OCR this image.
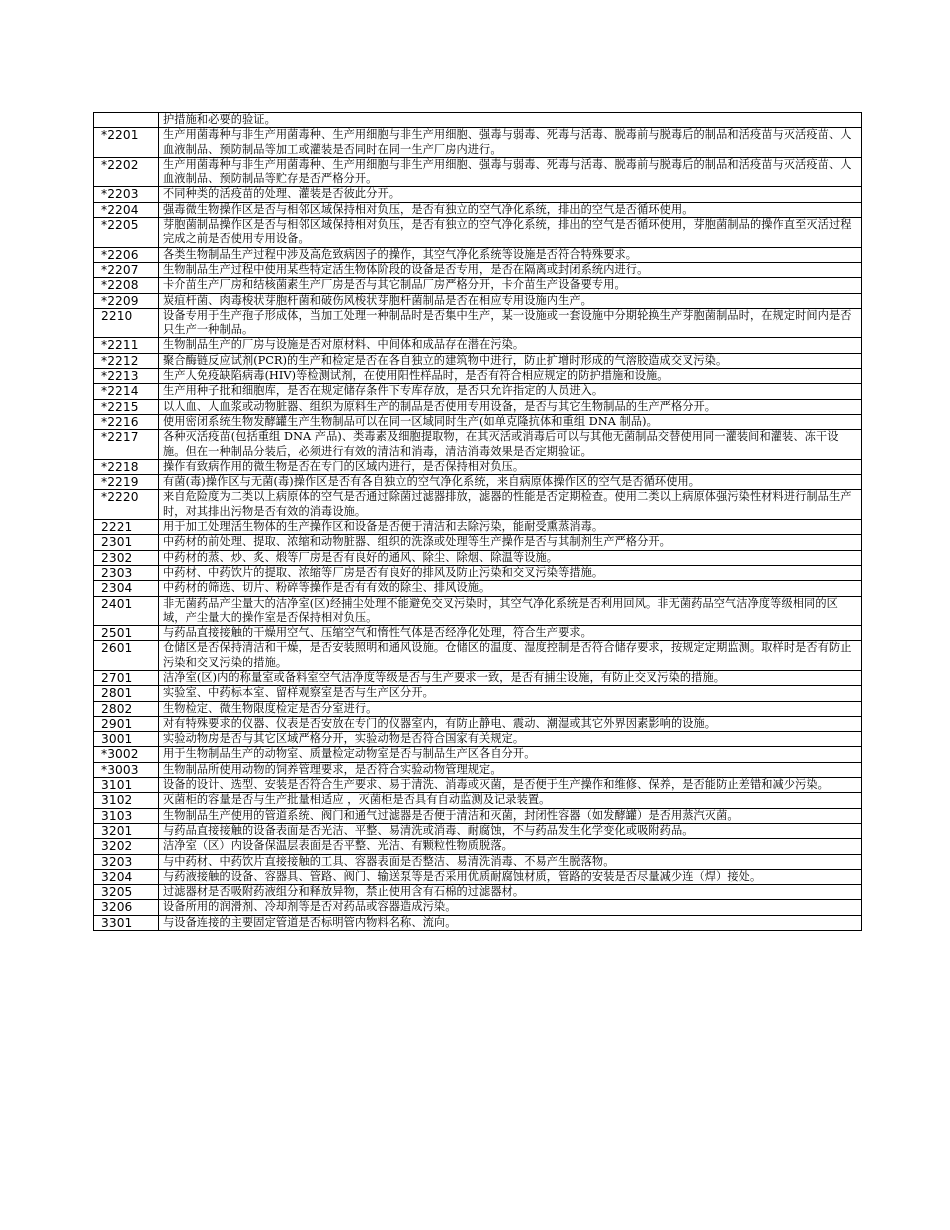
	护措施和必要的验证。
*2201	生产用菌毒种与非生产用菌毒种、生产用细胞与非生产用细胞、强毒与弱毒、死毒与活毒、脱毒前与脱毒后的制品和活疫苗与灭活疫苗、人血液制品、预防制品等加工或灌装是否同时在同一生产厂房内进行。
*2202	生产用菌毒种与非生产用菌毒种、生产用细胞与非生产用细胞、强毒与弱毒、死毒与活毒、脱毒前与脱毒后的制品和活疫苗与灭活疫苗、人血液制品、预防制品等贮存是否严格分开。
*2203	不同种类的活疫苗的处理、灌装是否彼此分开。
*2204	强毒微生物操作区是否与相邻区域保持相对负压，是否有独立的空气净化系统，排出的空气是否循环使用。
*2205	芽胞菌制品操作区是否与相邻区域保持相对负压，是否有独立的空气净化系统，排出的空气是否循环使用，芽胞菌制品的操作直至灭活过程完成之前是否使用专用设备。
*2206	各类生物制品生产过程中涉及高危致病因子的操作，其空气净化系统等设施是否符合特殊要求。
*2207	生物制品生产过程中使用某些特定活生物体阶段的设备是否专用，是否在隔离或封闭系统内进行。
*2208	卡介苗生产厂房和结核菌素生产厂房是否与其它制品厂房严格分开，卡介苗生产设备要专用。
*2209	炭疽杆菌、肉毒梭状芽胞杆菌和破伤风梭状芽胞杆菌制品是否在相应专用设施内生产。
2210	设备专用于生产孢子形成体，当加工处理一种制品时是否集中生产，某一设施或一套设施中分期轮换生产芽胞菌制品时，在规定时间内是否只生产一种制品。
*2211	生物制品生产的厂房与设施是否对原材料、中间体和成品存在潜在污染。
*2212	聚合酶链反应试剂(PCR)的生产和检定是否在各自独立的建筑物中进行，防止扩增时形成的气溶胶造成交叉污染。
*2213	生产人免疫缺陷病毒(HIV)等检测试剂，在使用阳性样品时，是否有符合相应规定的防护措施和设施。
*2214	生产用种子批和细胞库，是否在规定储存条件下专库存放，是否只允许指定的人员进入。
*2215	以人血、人血浆或动物脏器、组织为原料生产的制品是否使用专用设备，是否与其它生物制品的生产严格分开。
*2216	使用密闭系统生物发酵罐生产生物制品可以在同一区域同时生产(如单克隆抗体和重组 DNA 制品)。
*2217	各种灭活疫苗(包括重组 DNA 产品)、类毒素及细胞提取物，在其灭活或消毒后可以与其他无菌制品交替使用同一灌装间和灌装、冻干设施。但在一种制品分装后，必须进行有效的清洁和消毒，清洁消毒效果是否定期验证。
*2218	操作有致病作用的微生物是否在专门的区域内进行，是否保持相对负压。
*2219	有菌(毒)操作区与无菌(毒)操作区是否有各自独立的空气净化系统，来自病原体操作区的空气是否循环使用。
*2220	来自危险度为二类以上病原体的空气是否通过除菌过滤器排放，滤器的性能是否定期检查。使用二类以上病原体强污染性材料进行制品生产时，对其排出污物是否有效的消毒设施。
2221	用于加工处理活生物体的生产操作区和设备是否便于清洁和去除污染，能耐受熏蒸消毒。
2301	中药材的前处理、提取、浓缩和动物脏器、组织的洗涤或处理等生产操作是否与其制剂生产严格分开。
2302	中药材的蒸、炒、炙、煅等厂房是否有良好的通风、除尘、除烟、除温等设施。
2303	中药材、中药饮片的提取、浓缩等厂房是否有良好的排风及防止污染和交叉污染等措施。
2304	中药材的筛选、切片、粉碎等操作是否有有效的除尘、排风设施。
2401	非无菌药品产尘量大的洁净室(区)经捕尘处理不能避免交叉污染时，其空气净化系统是否利用回风。非无菌药品空气洁净度等级相同的区域，产尘量大的操作室是否保持相对负压。
2501	与药品直接接触的干燥用空气、压缩空气和惰性气体是否经净化处理，符合生产要求。
2601	仓储区是否保持清洁和干燥，是否安装照明和通风设施。仓储区的温度、湿度控制是否符合储存要求，按规定定期监测。取样时是否有防止污染和交叉污染的措施。
2701	洁净室(区)内的称量室或备料室空气洁净度等级是否与生产要求一致，是否有捕尘设施，有防止交叉污染的措施。
2801	实验室、中药标本室、留样观察室是否与生产区分开。
2802	生物检定、微生物限度检定是否分室进行。
2901	对有特殊要求的仪器、仪表是否安放在专门的仪器室内，有防止静电、震动、潮湿或其它外界因素影响的设施。
3001	实验动物房是否与其它区域严格分开，实验动物是否符合国家有关规定。
*3002	用于生物制品生产的动物室、质量检定动物室是否与制品生产区各自分开。
*3003	生物制品所使用动物的饲养管理要求，是否符合实验动物管理规定。
3101	设备的设计、选型、安装是否符合生产要求、易于清洗、消毒或灭菌，是否便于生产操作和维修、保养，是否能防止差错和减少污染。
3102	灭菌柜的容量是否与生产批量相适应 ，灭菌柜是否具有自动监测及记录装置。
3103	生物制品生产使用的管道系统、阀门和通气过滤器是否便于清洁和灭菌，封闭性容器（如发酵罐）是否用蒸汽灭菌。
3201	与药品直接接触的设备表面是否光洁、平整、易清洗或消毒、耐腐蚀，不与药品发生化学变化或吸附药品。
3202	洁净室（区）内设备保温层表面是否平整、光洁、有颗粒性物质脱落。
3203	与中药材、中药饮片直接接触的工具、容器表面是否整洁、易清洗消毒、不易产生脱落物。
3204	与药液接触的设备、容器具、管路、阀门、输送泵等是否采用优质耐腐蚀材质，管路的安装是否尽量减少连（焊）接处。
3205	过滤器材是否吸附药液组分和释放异物，禁止使用含有石棉的过滤器材。
3206	设备所用的润滑剂、冷却剂等是否对药品或容器造成污染。
3301	与设备连接的主要固定管道是否标明管内物料名称、流向。
